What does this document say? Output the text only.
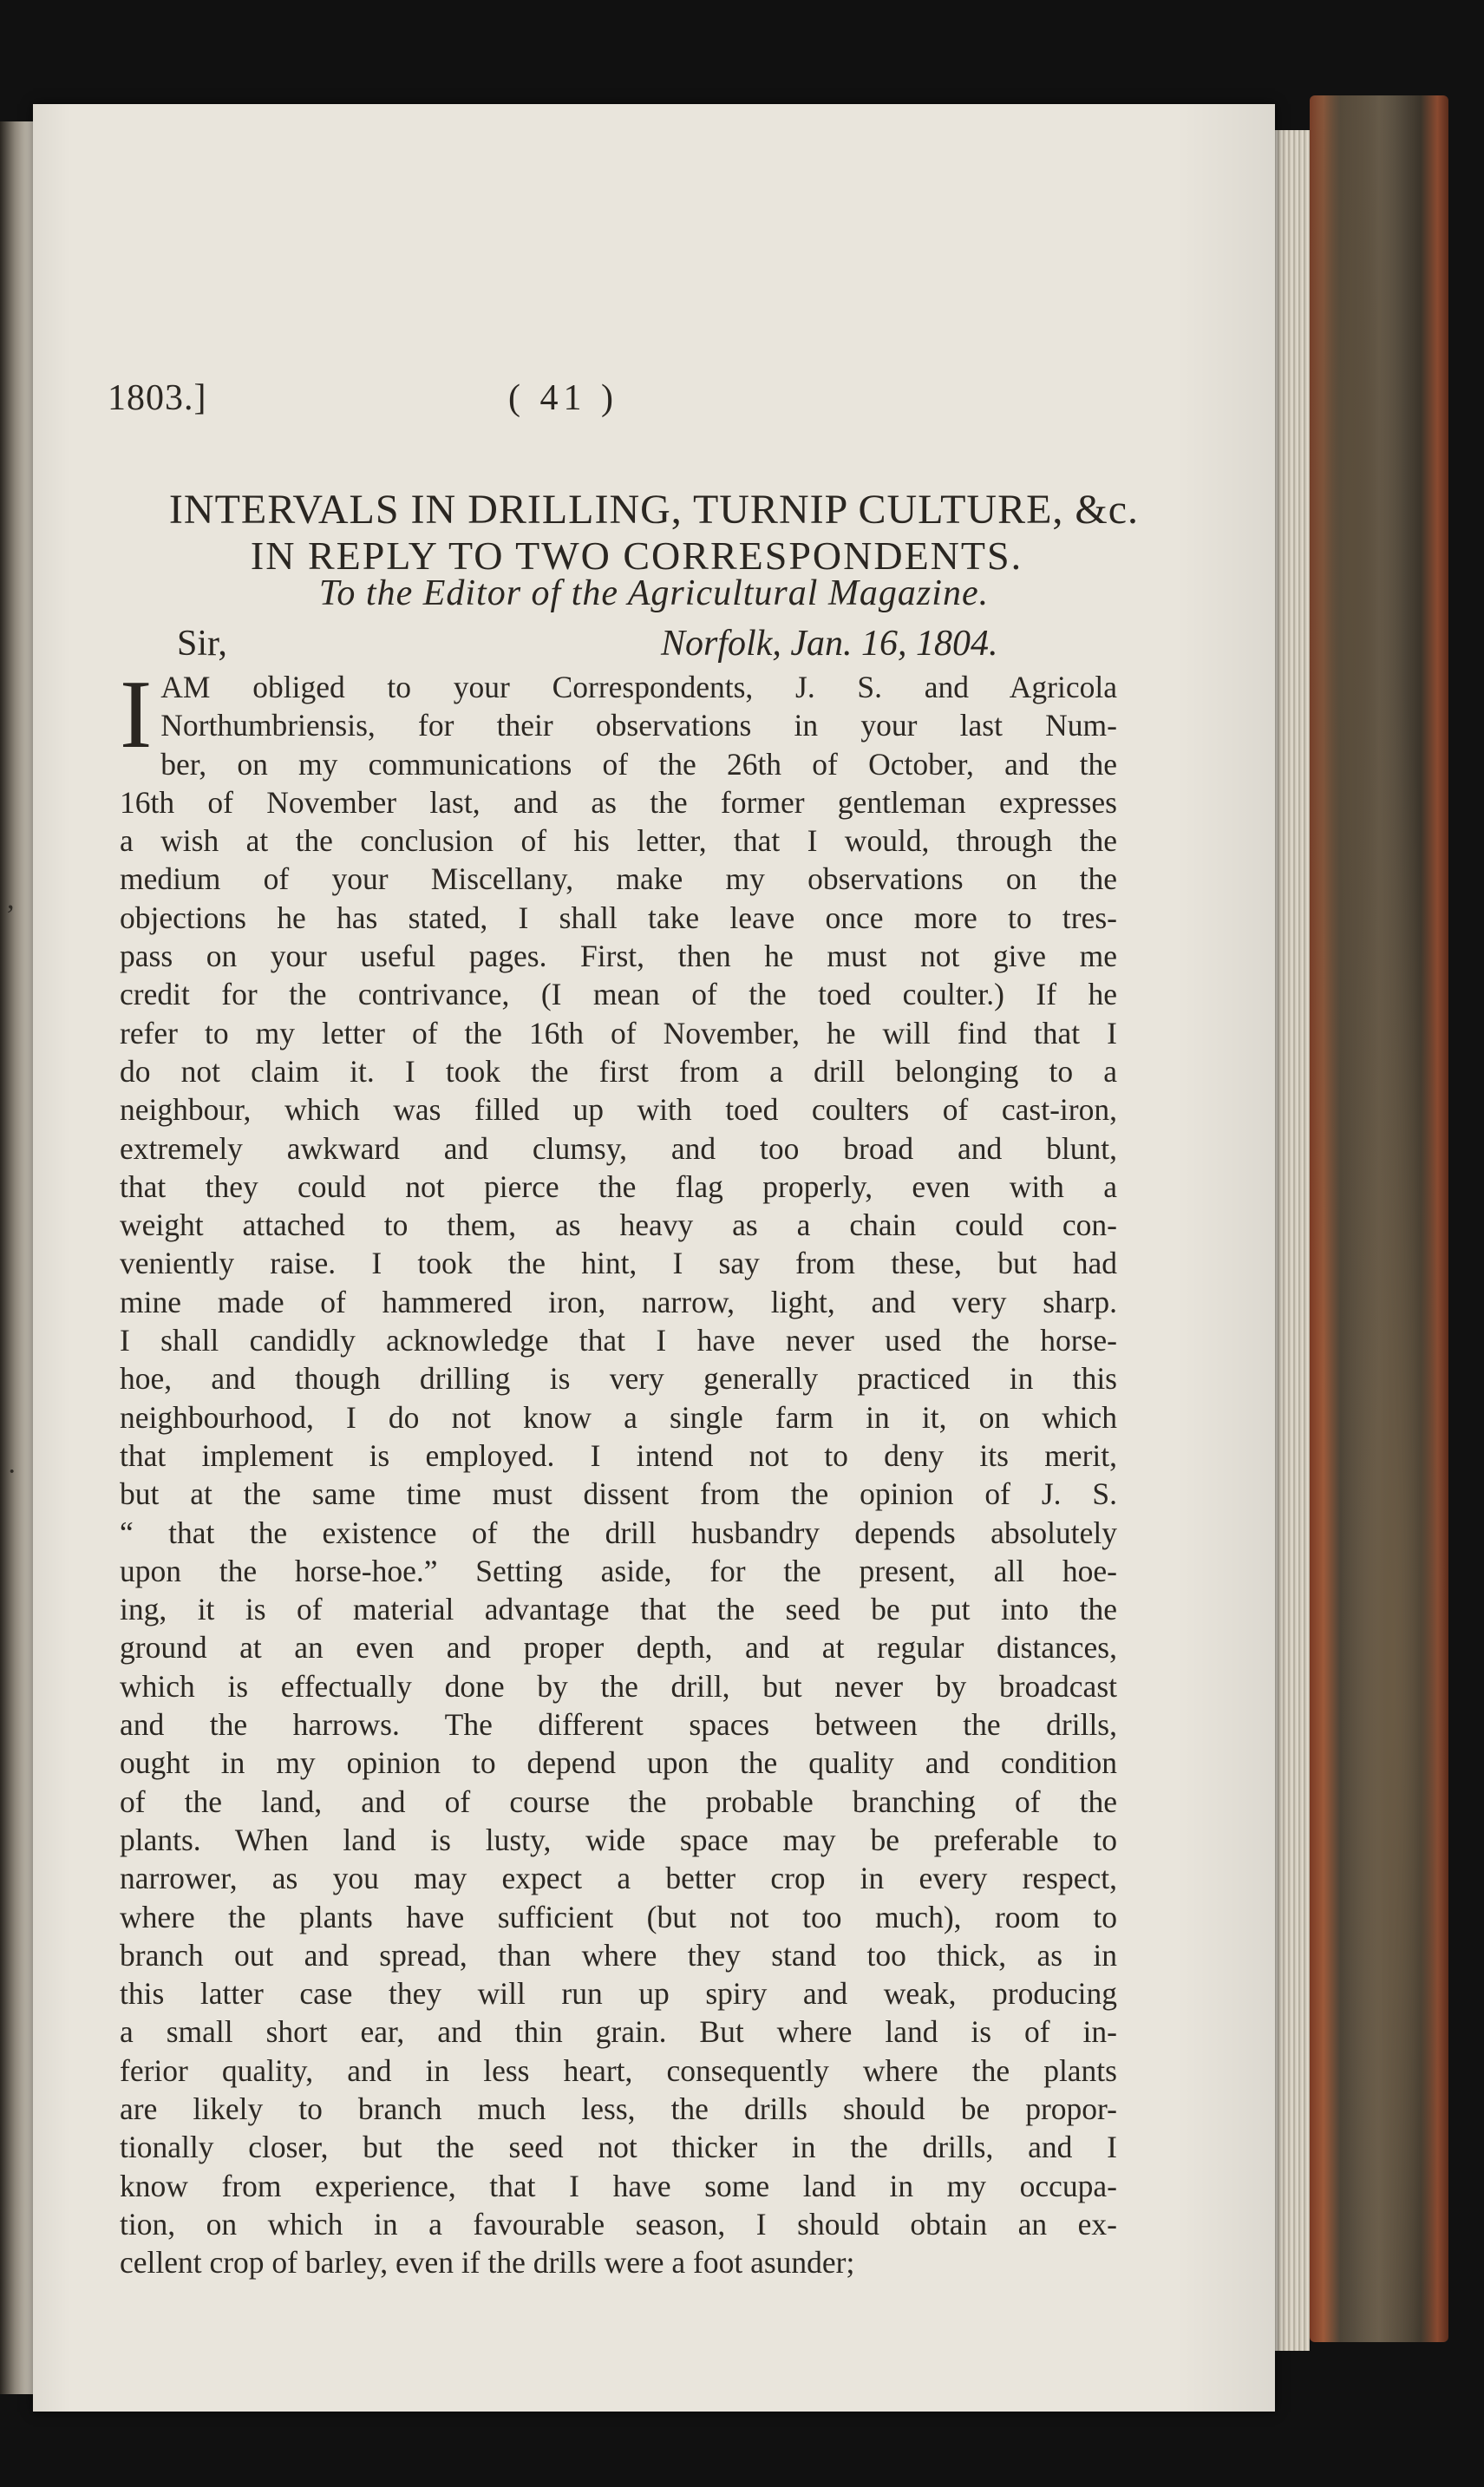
1803.]	( 41 )
INTERVALS IN DRILLING, TURNIP CULTURE, &c.
IN REPLY TO TWO CORRESPONDENTS.
To the Editor of the Agricultural Magazine.
Sir,	Norfolk, Jan. 16, 1804.
I AM obliged to your Correspondents, J. S. and Agricola
Northumbriensis, for their observations in your last Num-
ber, on my communications of the 26th of October, and the
16th of November last, and as the former gentleman expresses
a wish at the conclusion of his letter, that I would, through the
medium of your Miscellany, make my observations on the
objections he has stated, I shall take leave once more to tres-
pass on your useful pages. First, then he must not give me
credit for the contrivance, (I mean of the toed coulter.) If he
refer to my letter of the 16th of November, he will find that I
do not claim it. I took the first from a drill belonging to a
neighbour, which was filled up with toed coulters of cast-iron,
extremely awkward and clumsy, and too broad and blunt,
that they could not pierce the flag properly, even with a
weight attached to them, as heavy as a chain could con-
veniently raise. I took the hint, I say from these, but had
mine made of hammered iron, narrow, light, and very sharp.
I shall candidly acknowledge that I have never used the horse-
hoe, and though drilling is very generally practiced in this
neighbourhood, I do not know a single farm in it, on which
that implement is employed. I intend not to deny its merit,
but at the same time must dissent from the opinion of J. S.
“ that the existence of the drill husbandry depends absolutely
upon the horse-hoe.” Setting aside, for the present, all hoe-
ing, it is of material advantage that the seed be put into the
ground at an even and proper depth, and at regular distances,
which is effectually done by the drill, but never by broadcast
and the harrows. The different spaces between the drills,
ought in my opinion to depend upon the quality and condition
of the land, and of course the probable branching of the
plants. When land is lusty, wide space may be preferable to
narrower, as you may expect a better crop in every respect,
where the plants have sufficient (but not too much), room to
branch out and spread, than where they stand too thick, as in
this latter case they will run up spiry and weak, producing
a small short ear, and thin grain. But where land is of in-
ferior quality, and in less heart, consequently where the plants
are likely to branch much less, the drills should be propor-
tionally closer, but the seed not thicker in the drills, and I
know from experience, that I have some land in my occupa-
tion, on which in a favourable season, I should obtain an ex-
cellent crop of barley, even if the drills were a foot asunder;
,
·
